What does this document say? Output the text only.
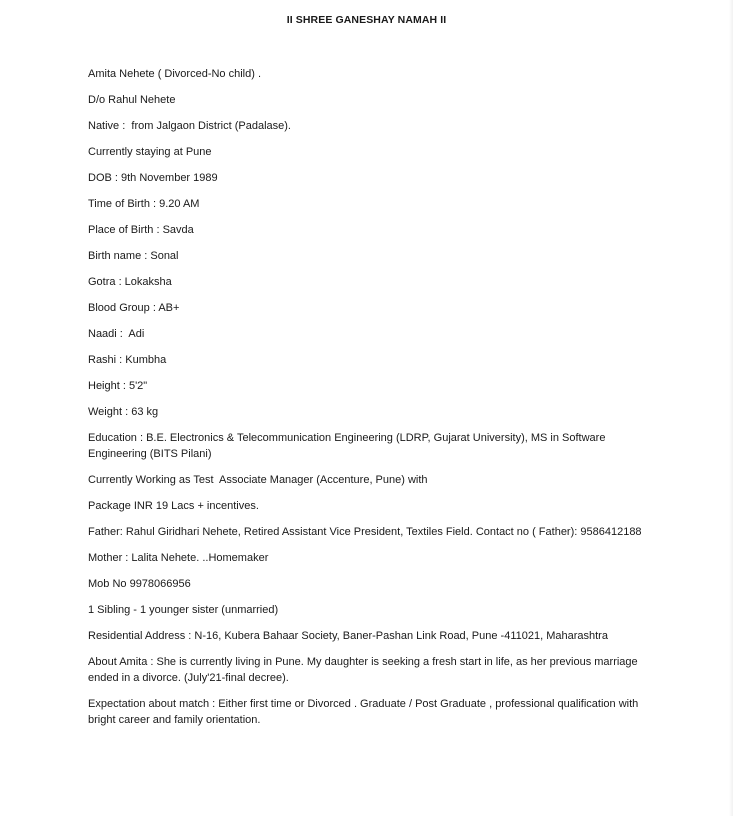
II SHREE GANESHAY NAMAH II

Amita Nehete ( Divorced-No child) .

D/o Rahul Nehete

Native :  from Jalgaon District (Padalase).

Currently staying at Pune

DOB : 9th November 1989

Time of Birth : 9.20 AM

Place of Birth : Savda

Birth name : Sonal

Gotra : Lokaksha

Blood Group : AB+

Naadi :  Adi

Rashi : Kumbha

Height : 5'2"

Weight : 63 kg

Education : B.E. Electronics & Telecommunication Engineering (LDRP, Gujarat University), MS in Software Engineering (BITS Pilani)

Currently Working as Test  Associate Manager (Accenture, Pune) with

Package INR 19 Lacs + incentives.

Father: Rahul Giridhari Nehete, Retired Assistant Vice President, Textiles Field. Contact no ( Father): 9586412188

Mother : Lalita Nehete. ..Homemaker

Mob No 9978066956

1 Sibling - 1 younger sister (unmarried)

Residential Address : N-16, Kubera Bahaar Society, Baner-Pashan Link Road, Pune -411021, Maharashtra

About Amita : She is currently living in Pune. My daughter is seeking a fresh start in life, as her previous marriage ended in a divorce. (July'21-final decree).

Expectation about match : Either first time or Divorced . Graduate / Post Graduate , professional qualification with bright career and family orientation.
